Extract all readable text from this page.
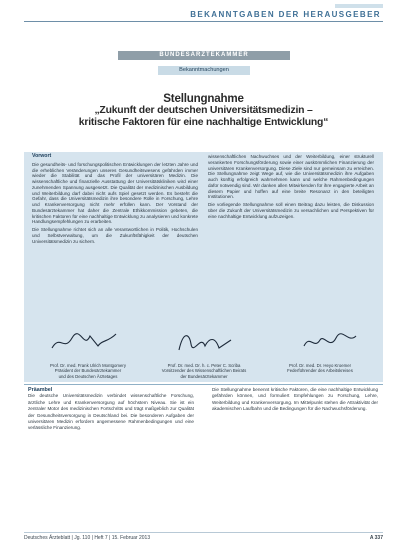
BEKANNTGABEN DER HERAUSGEBER
BUNDESÄRZTEKAMMER
Bekanntmachungen
Stellungnahme
„Zukunft der deutschen Universitätsmedizin –
kritische Faktoren für eine nachhaltige Entwicklung“

Vorwort

Die gesundheits- und forschungspolitischen Entwicklungen der letzten Jahre und die erheblichen Veränderungen unseres Gesundheitswesens gefährden immer wieder die Stabilität und das Profil der universitären Medizin. Die wissenschaftliche und finanzielle Ausstattung der Universitätskliniken wird einer zunehmenden Spannung ausgesetzt. Die Qualität der medizinischen Ausbildung und Weiterbildung darf dabei nicht aufs Spiel gesetzt werden. Es besteht die Gefahr, dass die Universitätsmedizin ihre besondere Rolle in Forschung, Lehre und Krankenversorgung nicht mehr erfüllen kann. Der Vorstand der Bundesärztekammer hat daher die Zentrale Ethikkommission gebeten, die kritischen Faktoren für eine nachhaltige Entwicklung zu analysieren und konkrete Handlungsempfehlungen zu erarbeiten.

Die Stellungnahme richtet sich an alle Verantwortlichen in Politik, Hochschulen und Selbstverwaltung, um die Zukunftsfähigkeit der deutschen Universitätsmedizin zu sichern.

wissenschaftlichen Nachwuchses und der Weiterbildung, einer strukturell verankerten Forschungsförderung sowie einer auskömmlichen Finanzierung der universitären Krankenversorgung. Diese Ziele sind nur gemeinsam zu erreichen. Die Stellungnahme zeigt Wege auf, wie die Universitätsmedizin ihre Aufgaben auch künftig erfolgreich wahrnehmen kann und welche Rahmenbedingungen dafür notwendig sind. Wir danken allen Mitwirkenden für ihre engagierte Arbeit an diesem Papier und hoffen auf eine breite Resonanz in den beteiligten Institutionen.

Die vorliegende Stellungnahme soll einen Beitrag dazu leisten, die Diskussion über die Zukunft der Universitätsmedizin zu versachlichen und Perspektiven für eine nachhaltige Entwicklung aufzuzeigen.

Prof. Dr. med. Frank Ulrich Montgomery
Präsident der Bundesärztekammer
und des Deutschen Ärztetages
Prof. Dr. med. Dr. h. c. Peter C. Scriba
Vorsitzender des Wissenschaftlichen Beirats
der Bundesärztekammer
Prof. Dr. med. Dr. Heyo Kroemer
Federführender des Arbeitskreises

Präambel

Die deutsche Universitätsmedizin verbindet wissenschaftliche Forschung, ärztliche Lehre und Krankenversorgung auf höchstem Niveau. Sie ist ein zentraler Motor des medizinischen Fortschritts und trägt maßgeblich zur Qualität der Gesundheitsversorgung in Deutschland bei. Die besonderen Aufgaben der universitären Medizin erfordern angemessene Rahmenbedingungen und eine verlässliche Finanzierung.

Die Stellungnahme benennt kritische Faktoren, die eine nachhaltige Entwicklung gefährden können, und formuliert Empfehlungen zu Forschung, Lehre, Weiterbildung und Krankenversorgung. Im Mittelpunkt stehen die Attraktivität der akademischen Laufbahn und die Bedingungen für die Nachwuchsförderung.

Deutsches Ärzteblatt | Jg. 110 | Heft 7 | 15. Februar 2013	A 337
